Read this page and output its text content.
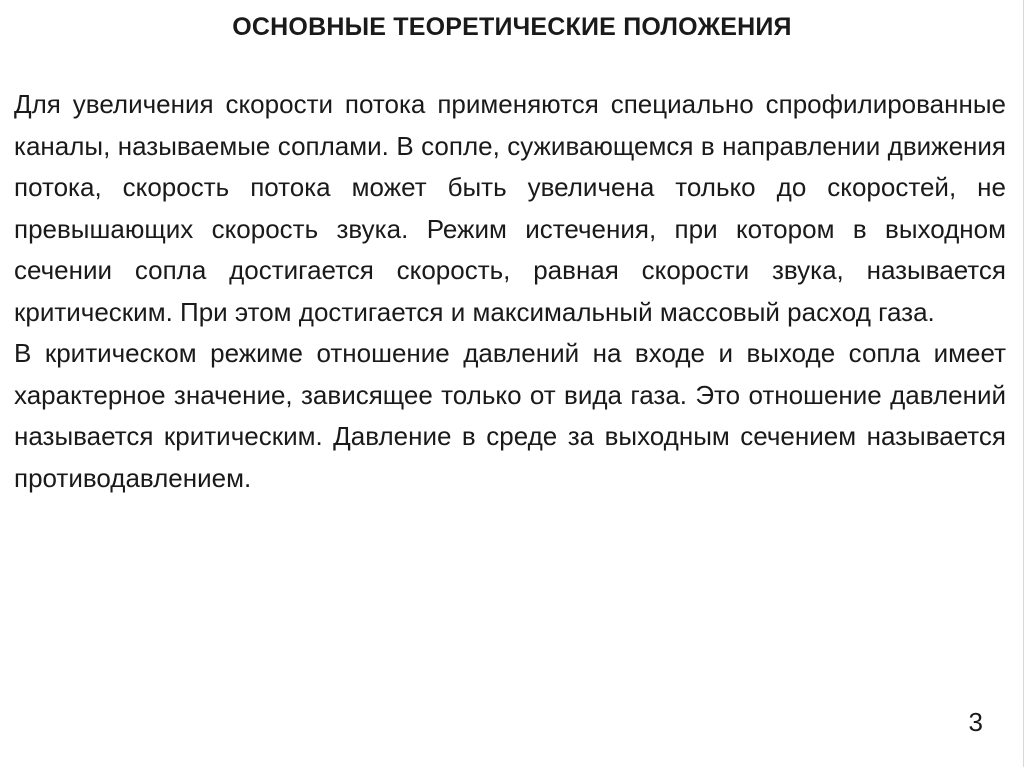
ОСНОВНЫЕ ТЕОРЕТИЧЕСКИЕ ПОЛОЖЕНИЯ

Для увеличения скорости потока применяются специально спрофилированные каналы, называемые соплами. В сопле, суживающемся в направлении движения потока, скорость потока может быть увеличена только до скоростей, не превышающих скорость звука. Режим истечения, при котором в выходном сечении сопла достигается скорость, равная скорости звука, называется критическим. При этом достигается и максимальный массовый расход газа.

В критическом режиме отношение давлений на входе и выходе сопла имеет характерное значение, зависящее только от вида газа. Это отношение давлений называется критическим. Давление в среде за выходным сечением называется противодавлением.

3
